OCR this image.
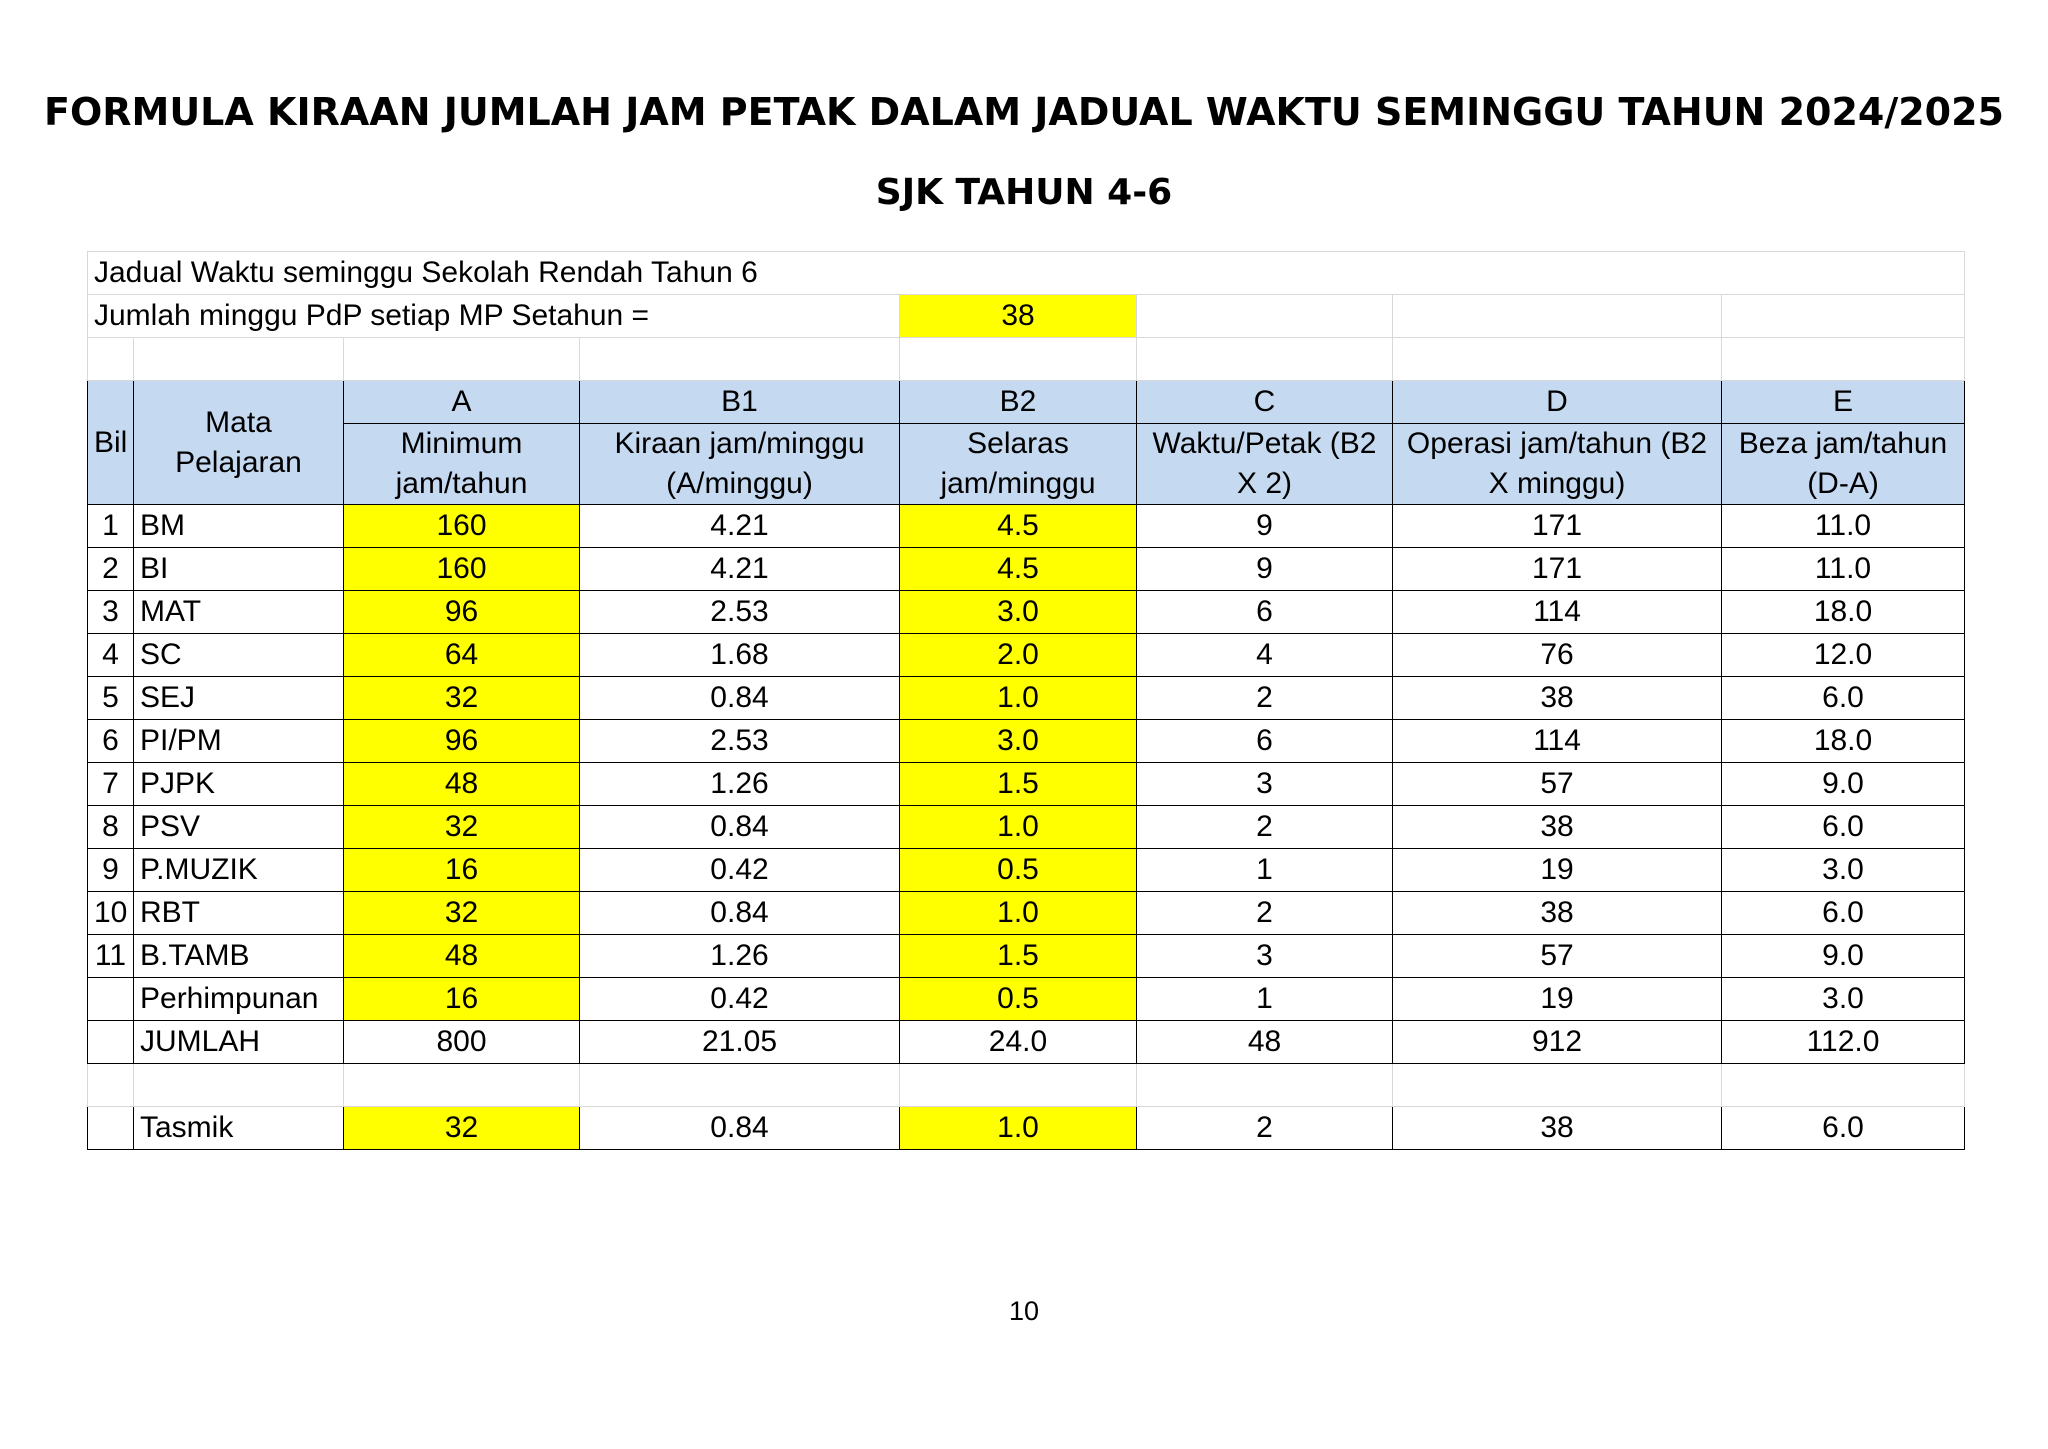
FORMULA KIRAAN JUMLAH JAM PETAK DALAM JADUAL WAKTU SEMINGGU TAHUN 2024/2025
SJK TAHUN 4-6
Jadual Waktu seminggu Sekolah Rendah Tahun 6							
Jumlah minggu PdP setiap MP Setahun =				38			

Bil	Mata Pelajaran	A	B1	B2	C	D	E
		Minimum jam/tahun	Kiraan jam/minggu (A/minggu)	Selaras jam/minggu	Waktu/Petak (B2 X 2)	Operasi jam/tahun (B2 X minggu)	Beza jam/tahun (D-A)

1	BM	160	4.21	4.5	9	171	11.0
2	BI	160	4.21	4.5	9	171	11.0
3	MAT	96	2.53	3.0	6	114	18.0
4	SC	64	1.68	2.0	4	76	12.0
5	SEJ	32	0.84	1.0	2	38	6.0
6	PI/PM	96	2.53	3.0	6	114	18.0
7	PJPK	48	1.26	1.5	3	57	9.0
8	PSV	32	0.84	1.0	2	38	6.0
9	P.MUZIK	16	0.42	0.5	1	19	3.0
10	RBT	32	0.84	1.0	2	38	6.0
11	B.TAMB	48	1.26	1.5	3	57	9.0
	Perhimpunan	16	0.42	0.5	1	19	3.0
	JUMLAH	800	21.05	24.0	48	912	112.0

	Tasmik	32	0.84	1.0	2	38	6.0
10
